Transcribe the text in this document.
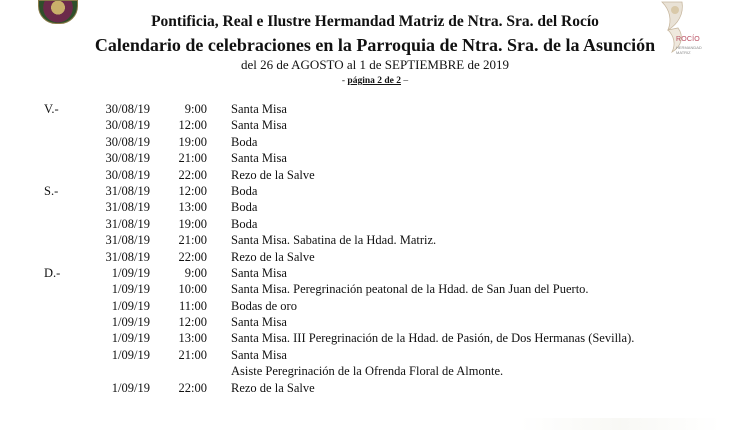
ROCÍO
HERMANDAD MATRIZ
Pontificia, Real e Ilustre Hermandad Matriz de Ntra. Sra. del Rocío
Calendario de celebraciones en la Parroquia de Ntra. Sra. de la Asunción
del 26 de AGOSTO al 1 de SEPTIEMBRE de 2019
- página 2 de 2 –
V.-	30/08/19	9:00 Santa Misa
30/08/19	12:00 Santa Misa
30/08/19	19:00 Boda
30/08/19	21:00 Santa Misa
30/08/19	22:00 Rezo de la Salve
S.-	31/08/19	12:00 Boda
31/08/19	13:00 Boda
31/08/19	19:00 Boda
31/08/19	21:00 Santa Misa. Sabatina de la Hdad. Matriz.
31/08/19	22:00 Rezo de la Salve
D.-	1/09/19	9:00 Santa Misa
1/09/19	10:00 Santa Misa. Peregrinación peatonal de la Hdad. de San Juan del Puerto.
1/09/19	11:00 Bodas de oro
1/09/19	12:00 Santa Misa
1/09/19	13:00 Santa Misa. III Peregrinación de la Hdad. de Pasión, de Dos Hermanas (Sevilla).
1/09/19	21:00 Santa Misa
Asiste Peregrinación de la Ofrenda Floral de Almonte.
1/09/19	22:00 Rezo de la Salve
